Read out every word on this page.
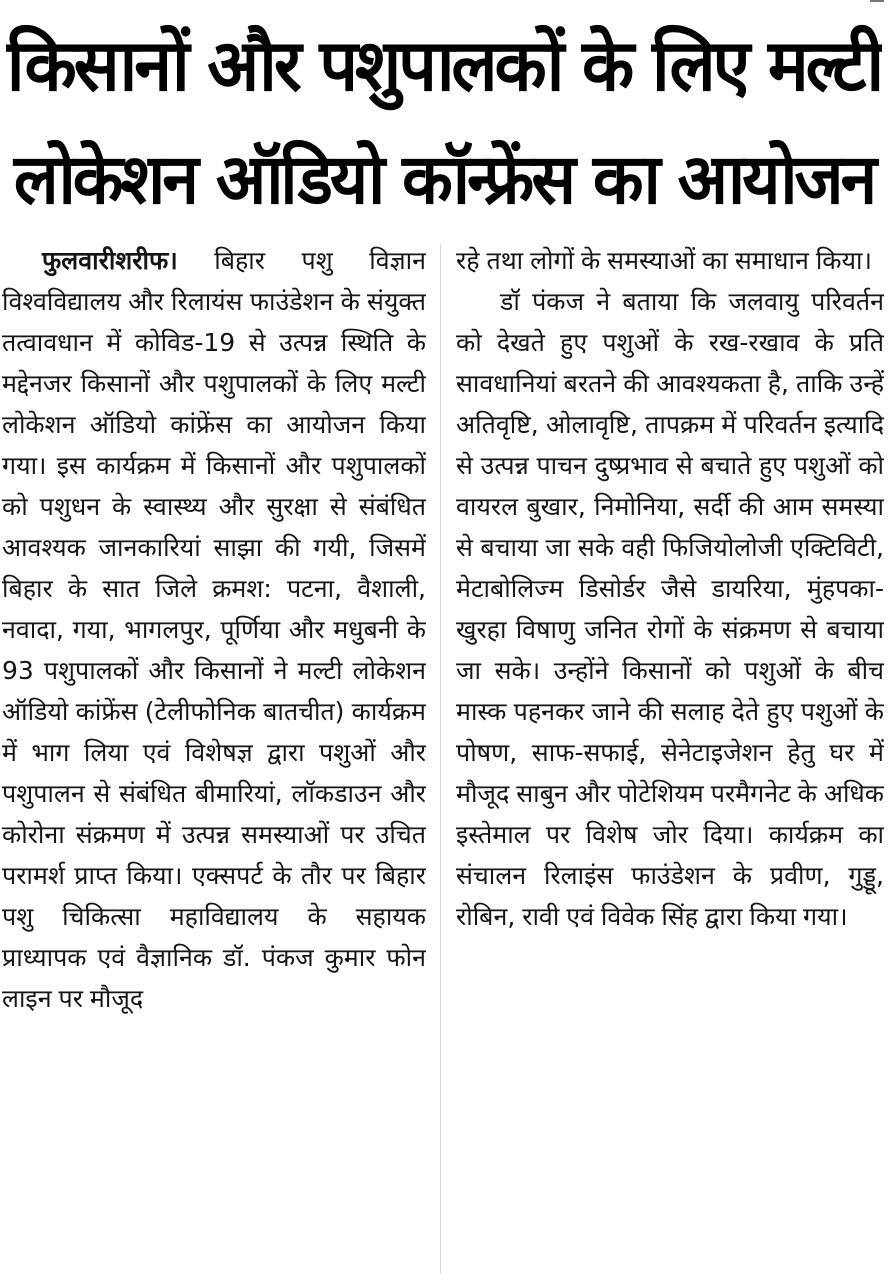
किसानों और पशुपालकों के लिए मल्टी
लोकेशन ऑडियो कॉन्फ्रेंस का आयोजन

फुलवारीशरीफ। बिहार पशु विज्ञान विश्वविद्यालय और रिलायंस फाउंडेशन के संयुक्त तत्वावधान में कोविड-19 से उत्पन्न स्थिति के मद्देनजर किसानों और पशुपालकों के लिए मल्टी लोकेशन ऑडियो कांफ्रेंस का आयोजन किया गया। इस कार्यक्रम में किसानों और पशुपालकों को पशुधन के स्वास्थ्य और सुरक्षा से संबंधित आवश्यक जानकारियां साझा की गयी, जिसमें बिहार के सात जिले क्रमश: पटना, वैशाली, नवादा, गया, भागलपुर, पूर्णिया और मधुबनी के 93 पशुपालकों और किसानों ने मल्टी लोकेशन ऑडियो कांफ्रेंस (टेलीफोनिक बातचीत) कार्यक्रम में भाग लिया एवं विशेषज्ञ द्वारा पशुओं और पशुपालन से संबंधित बीमारियां, लॉकडाउन और कोरोना संक्रमण में उत्पन्न समस्याओं पर उचित परामर्श प्राप्त किया। एक्सपर्ट के तौर पर बिहार पशु चिकित्सा महाविद्यालय के सहायक प्राध्यापक एवं वैज्ञानिक डॉ. पंकज कुमार फोन लाइन पर मौजूद

रहे तथा लोगों के समस्याओं का समाधान किया।

डॉ पंकज ने बताया कि जलवायु परिवर्तन को देखते हुए पशुओं के रख-रखाव के प्रति सावधानियां बरतने की आवश्यकता है, ताकि उन्हें अतिवृष्टि, ओलावृष्टि, तापक्रम में परिवर्तन इत्यादि से उत्पन्न पाचन दुष्प्रभाव से बचाते हुए पशुओं को वायरल बुखार, निमोनिया, सर्दी की आम समस्या से बचाया जा सके वही फिजियोलोजी एक्टिविटी, मेटाबोलिज्म डिसोर्डर जैसे डायरिया, मुंहपका-खुरहा विषाणु जनित रोगों के संक्रमण से बचाया जा सके। उन्होंने किसानों को पशुओं के बीच मास्क पहनकर जाने की सलाह देते हुए पशुओं के पोषण, साफ-सफाई, सेनेटाइजेशन हेतु घर में मौजूद साबुन और पोटेशियम परमैगनेट के अधिक इस्तेमाल पर विशेष जोर दिया। कार्यक्रम का संचालन रिलाइंस फाउंडेशन के प्रवीण, गुड्डू, रोबिन, रावी एवं विवेक सिंह द्वारा किया गया।
